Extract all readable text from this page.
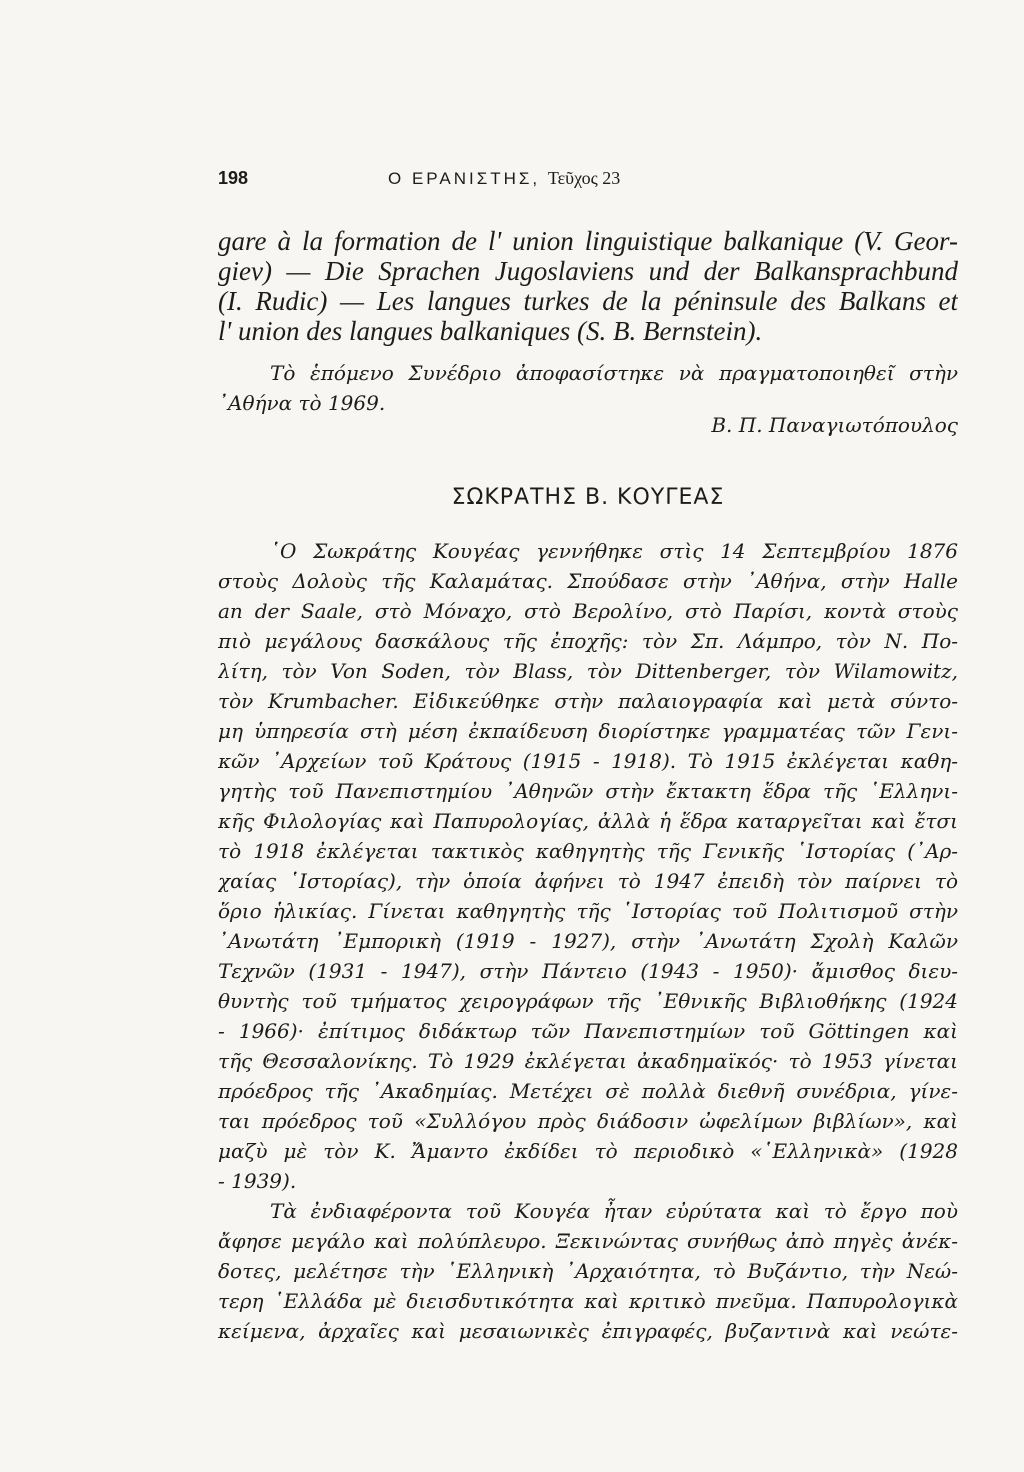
198	Ο ΕΡΑΝΙΣΤΗΣ, Τεῦχος 23
gare à la formation de l' union linguistique balkanique (V. Geor-
giev) — Die Sprachen Jugoslaviens und der Balkansprachbund
(I. Rudic) — Les langues turkes de la péninsule des Balkans et
l' union des langues balkaniques (S. B. Bernstein).
Τὸ ἑπόμενο Συνέδριο ἀποφασίστηκε νὰ πραγματοποιηθεῖ στὴν
᾿Αθήνα τὸ 1969.
Β. Π. Παναγιωτόπουλος
ΣΩΚΡΑΤΗΣ Β. ΚΟΥΓΕΑΣ
῾Ο Σωκράτης Κουγέας γεννήθηκε στὶς 14 Σεπτεμβρίου 1876
στοὺς Δολοὺς τῆς Καλαμάτας. Σπούδασε στὴν ᾿Αθήνα, στὴν Halle
an der Saale, στὸ Μόναχο, στὸ Βερολίνο, στὸ Παρίσι, κοντὰ στοὺς
πιὸ μεγάλους δασκάλους τῆς ἐποχῆς: τὸν Σπ. Λάμπρο, τὸν Ν. Πο-
λίτη, τὸν Von Soden, τὸν Blass, τὸν Dittenberger, τὸν Wilamowitz,
τὸν Krumbacher. Εἰδικεύθηκε στὴν παλαιογραφία καὶ μετὰ σύντο-
μη ὑπηρεσία στὴ μέση ἐκπαίδευση διορίστηκε γραμματέας τῶν Γενι-
κῶν ᾿Αρχείων τοῦ Κράτους (1915 - 1918). Τὸ 1915 ἐκλέγεται καθη-
γητὴς τοῦ Πανεπιστημίου ᾿Αθηνῶν στὴν ἔκτακτη ἕδρα τῆς ῾Ελληνι-
κῆς Φιλολογίας καὶ Παπυρολογίας, ἀλλὰ ἡ ἕδρα καταργεῖται καὶ ἔτσι
τὸ 1918 ἐκλέγεται τακτικὸς καθηγητὴς τῆς Γενικῆς ῾Ιστορίας (᾿Αρ-
χαίας ῾Ιστορίας), τὴν ὁποία ἀφήνει τὸ 1947 ἐπειδὴ τὸν παίρνει τὸ
ὅριο ἡλικίας. Γίνεται καθηγητὴς τῆς ῾Ιστορίας τοῦ Πολιτισμοῦ στὴν
᾿Ανωτάτη ᾿Εμπορικὴ (1919 - 1927), στὴν ᾿Ανωτάτη Σχολὴ Καλῶν
Τεχνῶν (1931 - 1947), στὴν Πάντειο (1943 - 1950)· ἄμισθος διευ-
θυντὴς τοῦ τμήματος χειρογράφων τῆς ᾿Εθνικῆς Βιβλιοθήκης (1924
- 1966)· ἐπίτιμος διδάκτωρ τῶν Πανεπιστημίων τοῦ Göttingen καὶ
τῆς Θεσσαλονίκης. Τὸ 1929 ἐκλέγεται ἀκαδημαϊκός· τὸ 1953 γίνεται
πρόεδρος τῆς ᾿Ακαδημίας. Μετέχει σὲ πολλὰ διεθνῆ συνέδρια, γίνε-
ται πρόεδρος τοῦ «Συλλόγου πρὸς διάδοσιν ὠφελίμων βιβλίων», καὶ
μαζὺ μὲ τὸν Κ. Ἄμαντο ἐκδίδει τὸ περιοδικὸ «῾Ελληνικὰ» (1928
- 1939).
Τὰ ἐνδιαφέροντα τοῦ Κουγέα ἦταν εὐρύτατα καὶ τὸ ἔργο ποὺ
ἄφησε μεγάλο καὶ πολύπλευρο. Ξεκινώντας συνήθως ἀπὸ πηγὲς ἀνέκ-
δοτες, μελέτησε τὴν ῾Ελληνικὴ ᾿Αρχαιότητα, τὸ Βυζάντιο, τὴν Νεώ-
τερη ῾Ελλάδα μὲ διεισδυτικότητα καὶ κριτικὸ πνεῦμα. Παπυρολογικὰ
κείμενα, ἀρχαῖες καὶ μεσαιωνικὲς ἐπιγραφές, βυζαντινὰ καὶ νεώτε-
